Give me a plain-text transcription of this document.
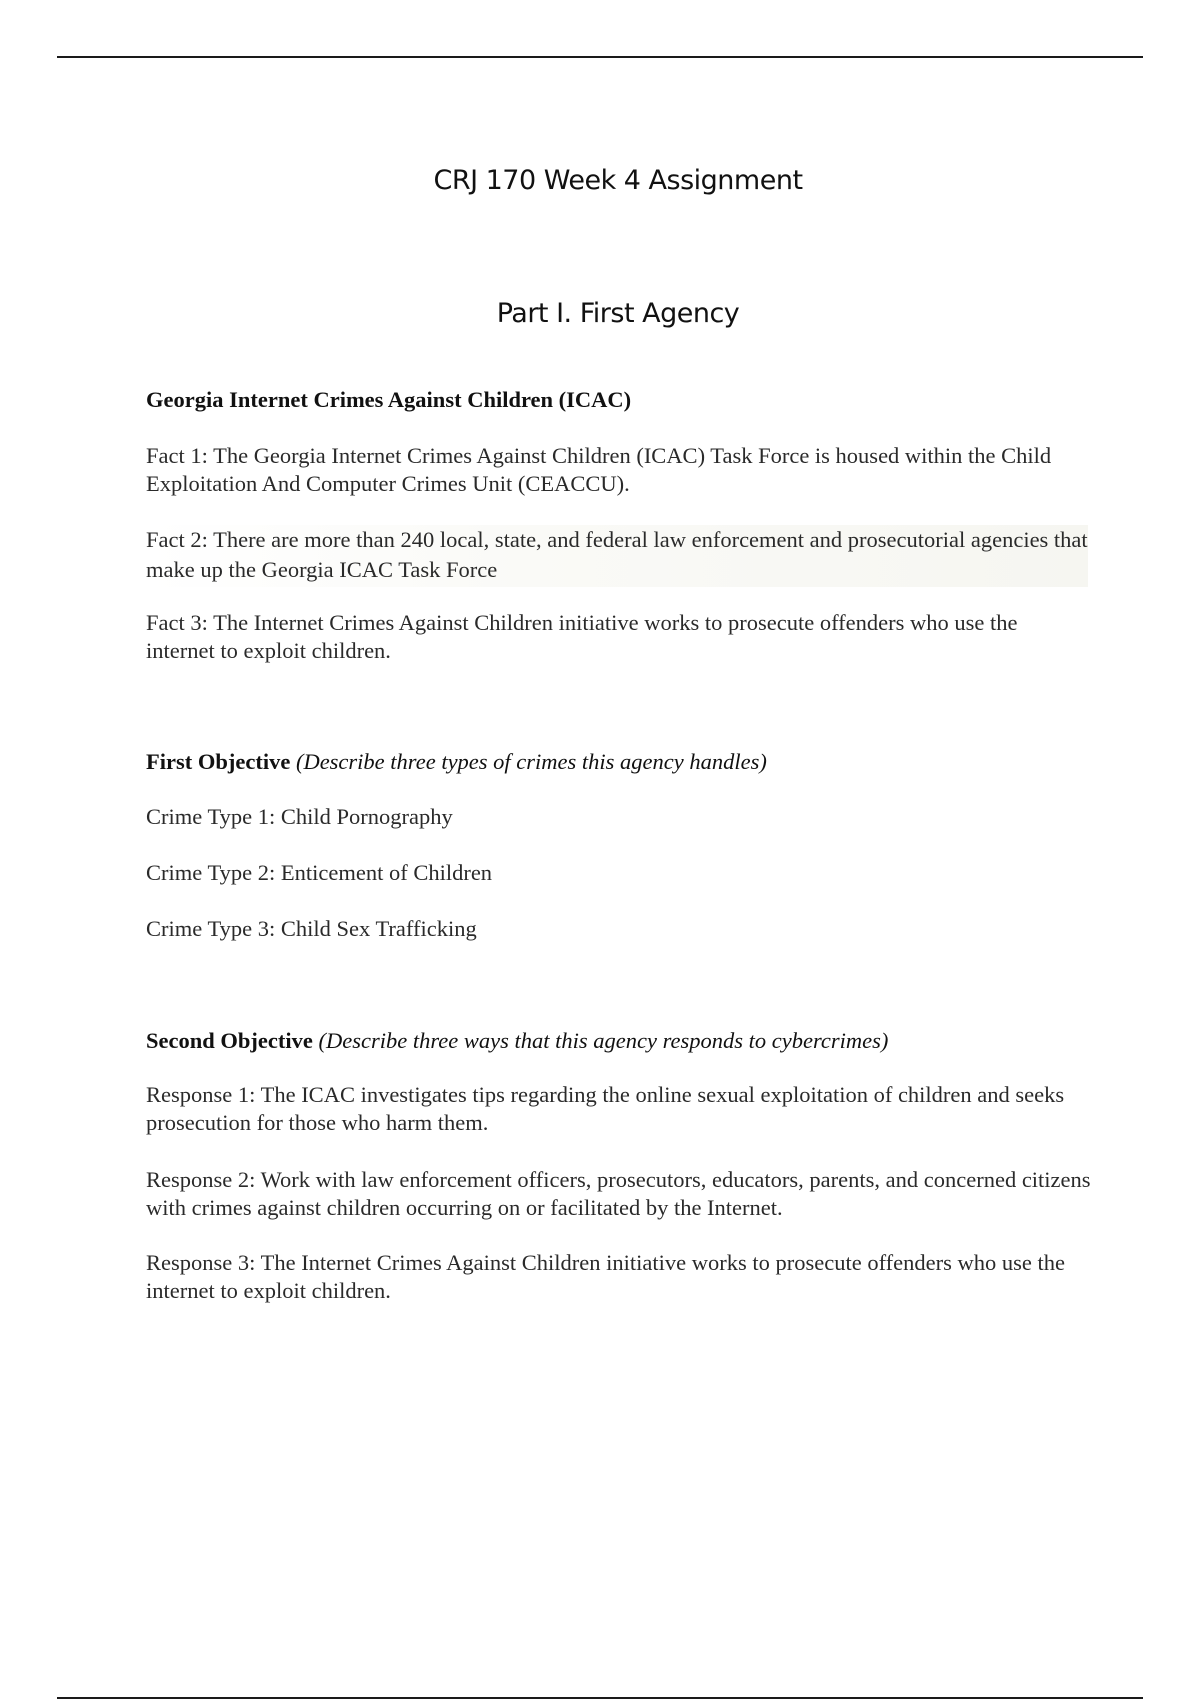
CRJ 170 Week 4 Assignment
Part I. First Agency

Georgia Internet Crimes Against Children (ICAC)

Fact 1: The Georgia Internet Crimes Against Children (ICAC) Task Force is housed within the Child Exploitation And Computer Crimes Unit (CEACCU).

Fact 2: There are more than 240 local, state, and federal law enforcement and prosecutorial agencies that make up the Georgia ICAC Task Force

Fact 3: The Internet Crimes Against Children initiative works to prosecute offenders who use the internet to exploit children.

First Objective (Describe three types of crimes this agency handles)

Crime Type 1: Child Pornography

Crime Type 2: Enticement of Children

Crime Type 3: Child Sex Trafficking

Second Objective (Describe three ways that this agency responds to cybercrimes)

Response 1: The ICAC investigates tips regarding the online sexual exploitation of children and seeks prosecution for those who harm them.

Response 2: Work with law enforcement officers, prosecutors, educators, parents, and concerned citizens with crimes against children occurring on or facilitated by the Internet.

Response 3: The Internet Crimes Against Children initiative works to prosecute offenders who use the internet to exploit children.
